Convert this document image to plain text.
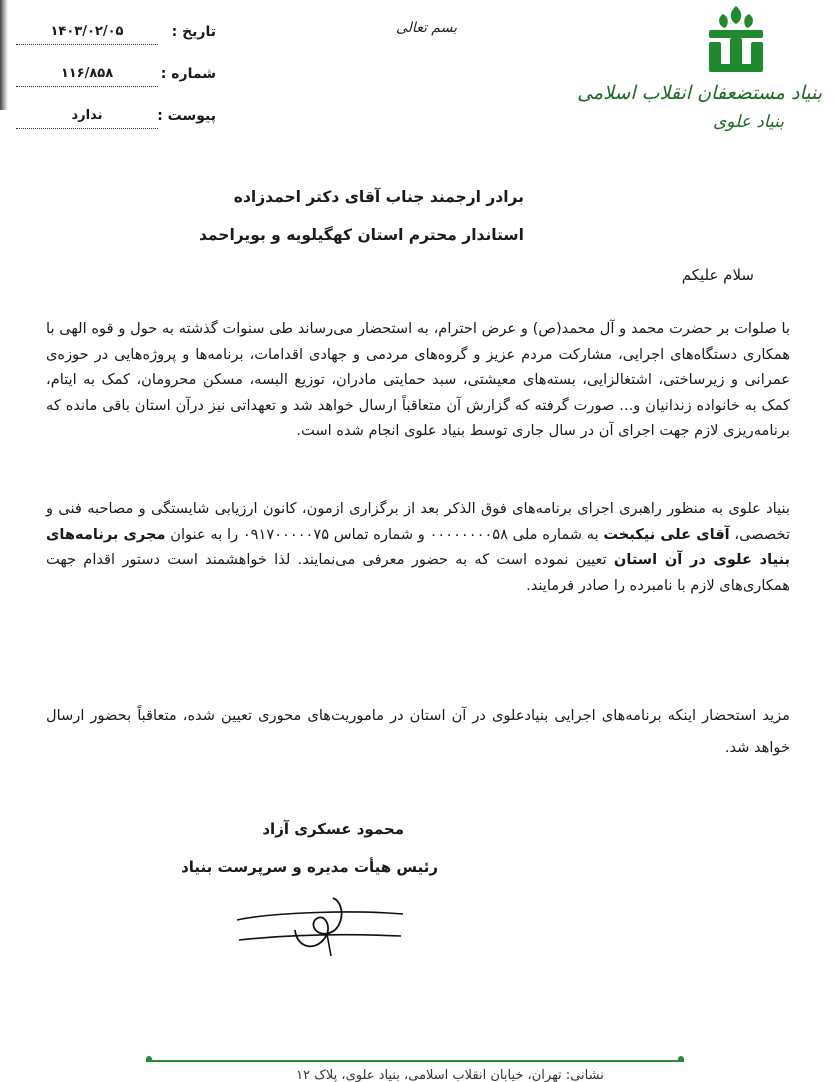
بنیاد مستضعفان انقلاب اسلامی
بنیاد علوی
بسم تعالی
تاریخ :
۱۴۰۳/۰۲/۰۵
شماره :
۱۱۶/۸۵۸
پیوست :
ندارد
برادر ارجمند جناب آقای دکتر احمدزاده
استاندار محترم استان کهگیلویه و بویراحمد
سلام علیکم
با صلوات بر حضرت محمد و آل محمد(ص) و عرض احترام، به استحضار می‌رساند طی سنوات گذشته به حول و قوه الهی با همکاری دستگاه‌های اجرایی، مشارکت مردم عزیز و گروه‌های مردمی و جهادی اقدامات، برنامه‌ها و پروژه‌هایی در حوزه‌ی عمرانی و زیرساختی، اشتغالزایی، بسته‌های معیشتی، سبد حمایتی مادران، توزیع البسه، مسکن محرومان، کمک به ایتام، کمک به خانواده زندانیان و... صورت گرفته که گزارش آن متعاقباً ارسال خواهد شد و تعهداتی نیز درآن استان باقی مانده که برنامه‌ریزی لازم جهت اجرای آن در سال جاری توسط بنیاد علوی انجام شده است.
بنیاد علوی به منظور راهبری اجرای برنامه‌های فوق الذکر بعد از برگزاری ازمون، کانون ارزیابی شایستگی و مصاحبه فنی و تخصصی، آقای علی نیکبخت به شماره ملی ۰۰۰۰۰۰۰۰۵۸ و شماره تماس ۰۹۱۷۰۰۰۰۰۷۵ را به عنوان مجری برنامه‌های بنیاد علوی در آن استان تعیین نموده است که به حضور معرفی می‌نمایند. لذا خواهشمند است دستور اقدام جهت همکاری‌های لازم با نامبرده را صادر فرمایند.
مزید استحضار اینکه برنامه‌های اجرایی بنیادعلوی در آن استان در ماموریت‌های محوری تعیین شده، متعاقباً بحضور ارسال خواهد شد.
محمود عسکری آزاد
رئیس هیأت مدیره و سرپرست بنیاد
نشانی: تهران، خیابان انقلاب اسلامی، بنیاد علوی، پلاک ۱۲
